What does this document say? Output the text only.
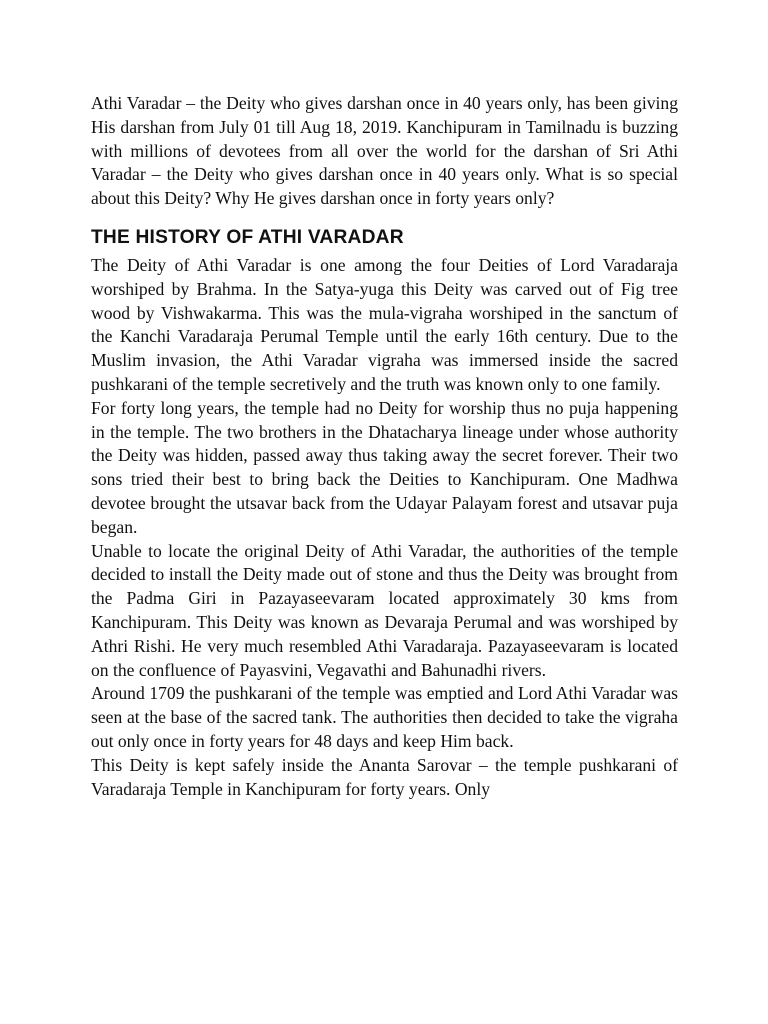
Athi Varadar – the Deity who gives darshan once in 40 years only, has been giving His darshan from July 01 till Aug 18, 2019. Kanchipuram in Tamilnadu is buzzing with millions of devotees from all over the world for the darshan of Sri Athi Varadar – the Deity who gives darshan once in 40 years only. What is so special about this Deity? Why He gives darshan once in forty years only?

THE HISTORY OF ATHI VARADAR

The Deity of Athi Varadar is one among the four Deities of Lord Varadaraja worshiped by Brahma. In the Satya-yuga this Deity was carved out of Fig tree wood by Vishwakarma. This was the mula-vigraha worshiped in the sanctum of the Kanchi Varadaraja Perumal Temple until the early 16th century. Due to the Muslim invasion, the Athi Varadar vigraha was immersed inside the sacred pushkarani of the temple secretively and the truth was known only to one family.

For forty long years, the temple had no Deity for worship thus no puja happening in the temple. The two brothers in the Dhatacharya lineage under whose authority the Deity was hidden, passed away thus taking away the secret forever. Their two sons tried their best to bring back the Deities to Kanchipuram. One Madhwa devotee brought the utsavar back from the Udayar Palayam forest and utsavar puja began.

Unable to locate the original Deity of Athi Varadar, the authorities of the temple decided to install the Deity made out of stone and thus the Deity was brought from the Padma Giri in Pazayaseevaram located approximately 30 kms from Kanchipuram. This Deity was known as Devaraja Perumal and was worshiped by Athri Rishi. He very much resembled Athi Varadaraja. Pazayaseevaram is located on the confluence of Payasvini, Vegavathi and Bahunadhi rivers.

Around 1709 the pushkarani of the temple was emptied and Lord Athi Varadar was seen at the base of the sacred tank. The authorities then decided to take the vigraha out only once in forty years for 48 days and keep Him back.

This Deity is kept safely inside the Ananta Sarovar – the temple pushkarani of Varadaraja Temple in Kanchipuram for forty years. Only
